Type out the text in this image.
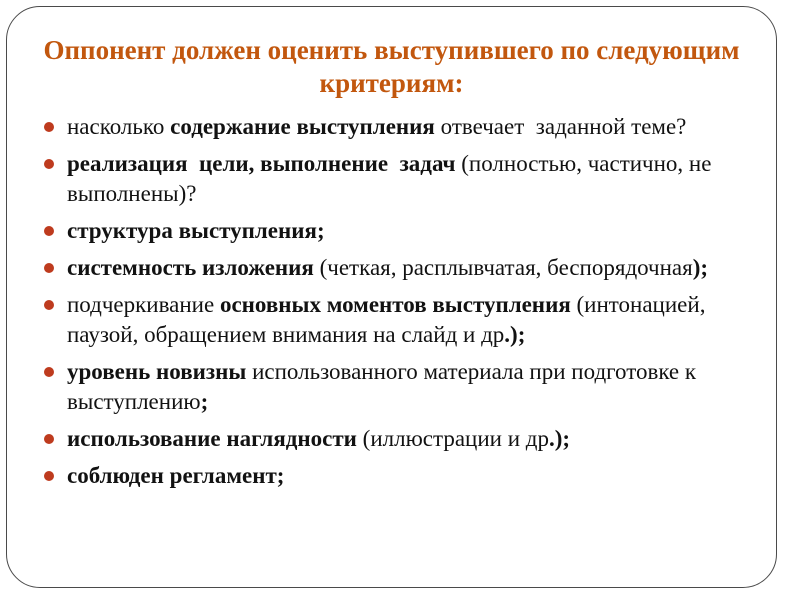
Оппонент должен оценить выступившего по следующим критериям:
насколько содержание выступления отвечает  заданной теме?
реализация  цели, выполнение  задач (полностью, частично, не выполнены)?
структура выступления;
системность изложения (четкая, расплывчатая, беспорядочная);
подчеркивание основных моментов выступления (интонацией, паузой, обращением внимания на слайд и др.);
уровень новизны использованного материала при подготовке к выступлению;
использование наглядности (иллюстрации и др.);
соблюден регламент;
